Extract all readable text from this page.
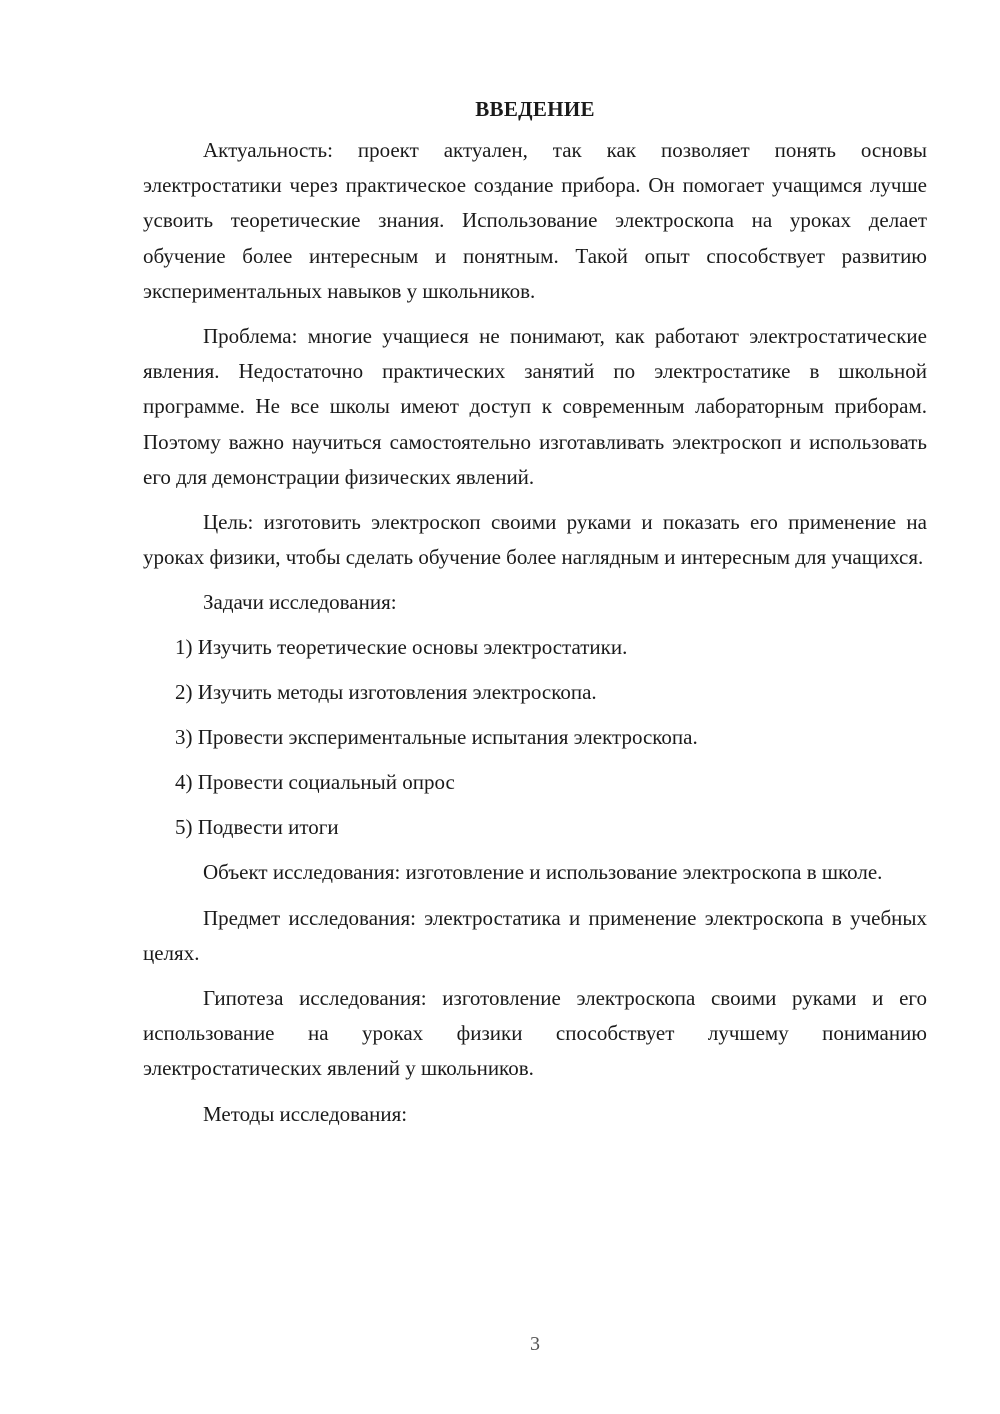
ВВЕДЕНИЕ

Актуальность: проект актуален, так как позволяет понять основы электростатики через практическое создание прибора. Он помогает учащимся лучше усвоить теоретические знания. Использование электроскопа на уроках делает обучение более интересным и понятным. Такой опыт способствует развитию экспериментальных навыков у школьников.

Проблема: многие учащиеся не понимают, как работают электростатические явления. Недостаточно практических занятий по электростатике в школьной программе. Не все школы имеют доступ к современным лабораторным приборам. Поэтому важно научиться самостоятельно изготавливать электроскоп и использовать его для демонстрации физических явлений.

Цель: изготовить электроскоп своими руками и показать его применение на уроках физики, чтобы сделать обучение более наглядным и интересным для учащихся.

Задачи исследования:
1) Изучить теоретические основы электростатики.
2) Изучить методы изготовления электроскопа.
3) Провести экспериментальные испытания электроскопа.
4) Провести социальный опрос
5) Подвести итоги

Объект исследования: изготовление и использование электроскопа в школе.

Предмет исследования: электростатика и применение электроскопа в учебных целях.

Гипотеза исследования: изготовление электроскопа своими руками и его использование на уроках физики способствует лучшему пониманию электростатических явлений у школьников.

Методы исследования:
3
